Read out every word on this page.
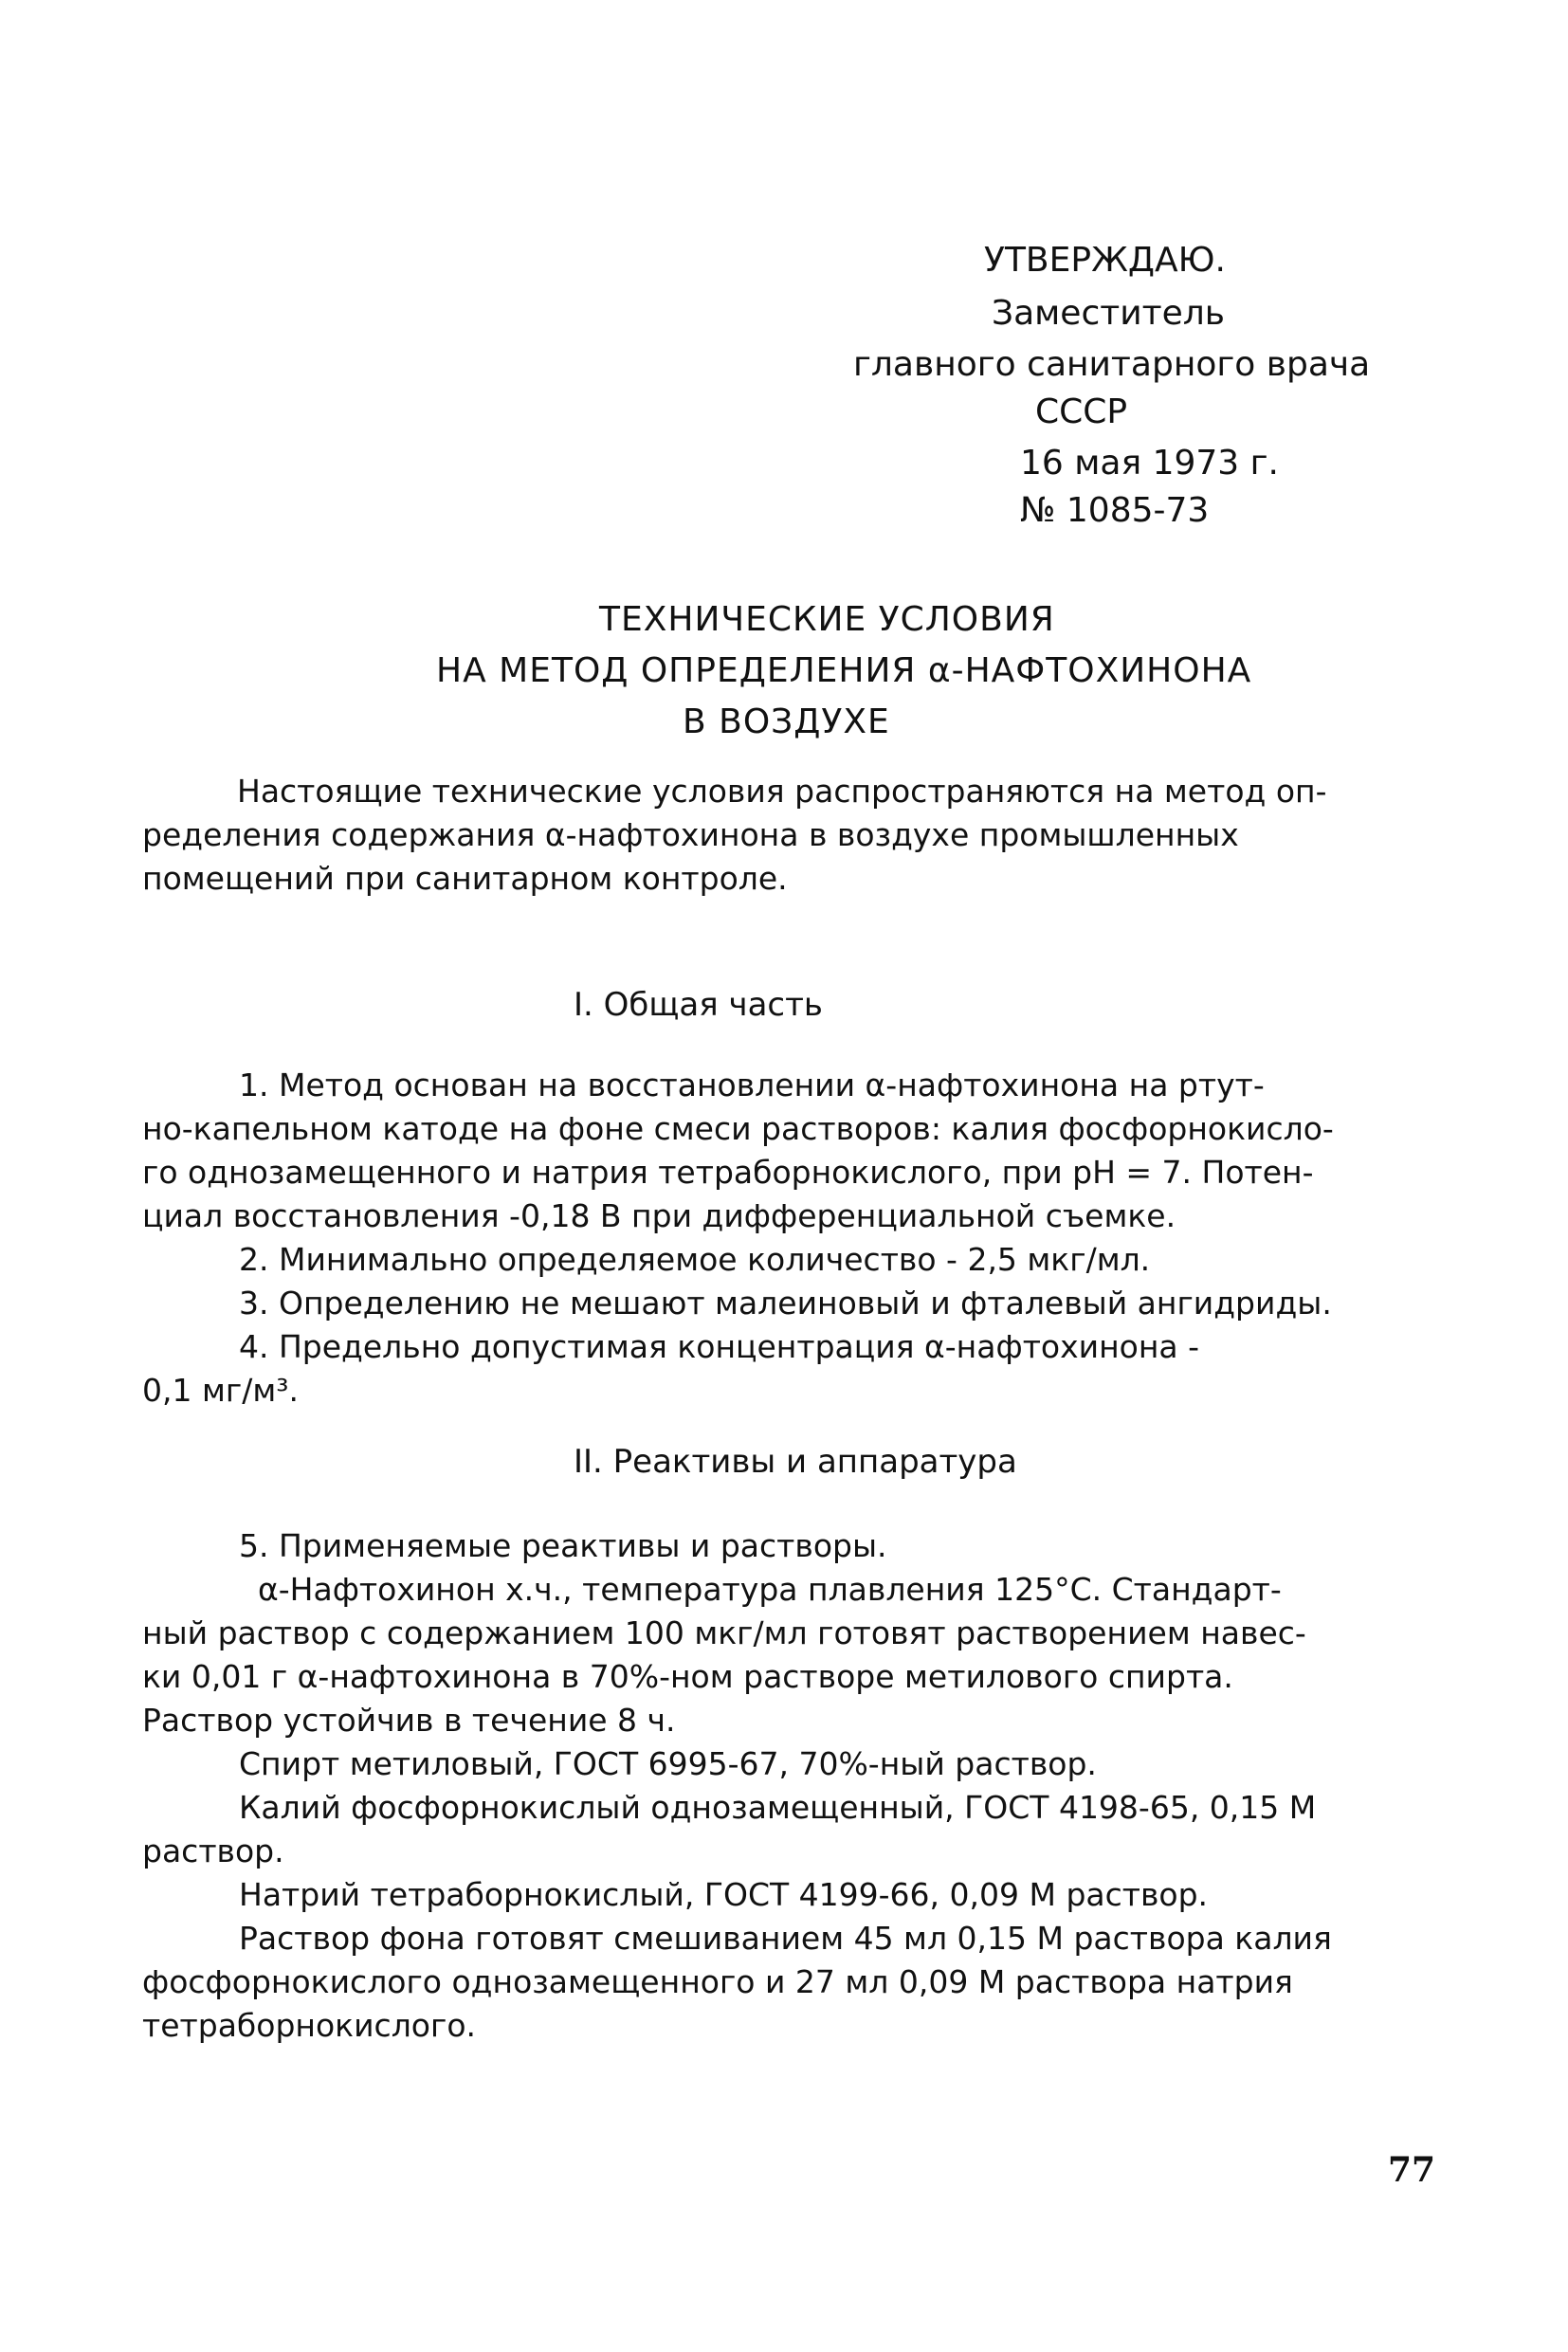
УТВЕРЖДАЮ.
Заместитель
главного санитарного врача
СССР
16 мая 1973 г.
№ 1085-73
ТЕХНИЧЕСКИЕ УСЛОВИЯ
НА МЕТОД ОПРЕДЕЛЕНИЯ α-НАФТОХИНОНА
В ВОЗДУХЕ
Настоящие технические условия распространяются на метод оп-
ределения содержания α-нафтохинона в воздухе промышленных
помещений при санитарном контроле.
I. Общая часть
1. Метод основан на восстановлении α-нафтохинона на ртут-
но-капельном катоде на фоне смеси растворов: калия фосфорнокисло-
го однозамещенного и натрия тетраборнокислого, при pH = 7. Потен-
циал восстановления -0,18 В при дифференциальной съемке.
2. Минимально определяемое количество - 2,5 мкг/мл.
3. Определению не мешают малеиновый и фталевый ангидриды.
4. Предельно допустимая концентрация α-нафтохинона -
0,1 мг/м³.
II. Реактивы и аппаратура
5. Применяемые реактивы и растворы.
α-Нафтохинон х.ч., температура плавления 125°C. Стандарт-
ный раствор с содержанием 100 мкг/мл готовят растворением навес-
ки 0,01 г α-нафтохинона в 70%-ном растворе метилового спирта.
Раствор устойчив в течение 8 ч.
Спирт метиловый, ГОСТ 6995-67, 70%-ный раствор.
Калий фосфорнокислый однозамещенный, ГОСТ 4198-65, 0,15 М
раствор.
Натрий тетраборнокислый, ГОСТ 4199-66, 0,09 М раствор.
Раствор фона готовят смешиванием 45 мл 0,15 М раствора калия
фосфорнокислого однозамещенного и 27 мл 0,09 М раствора натрия
тетраборнокислого.
77
